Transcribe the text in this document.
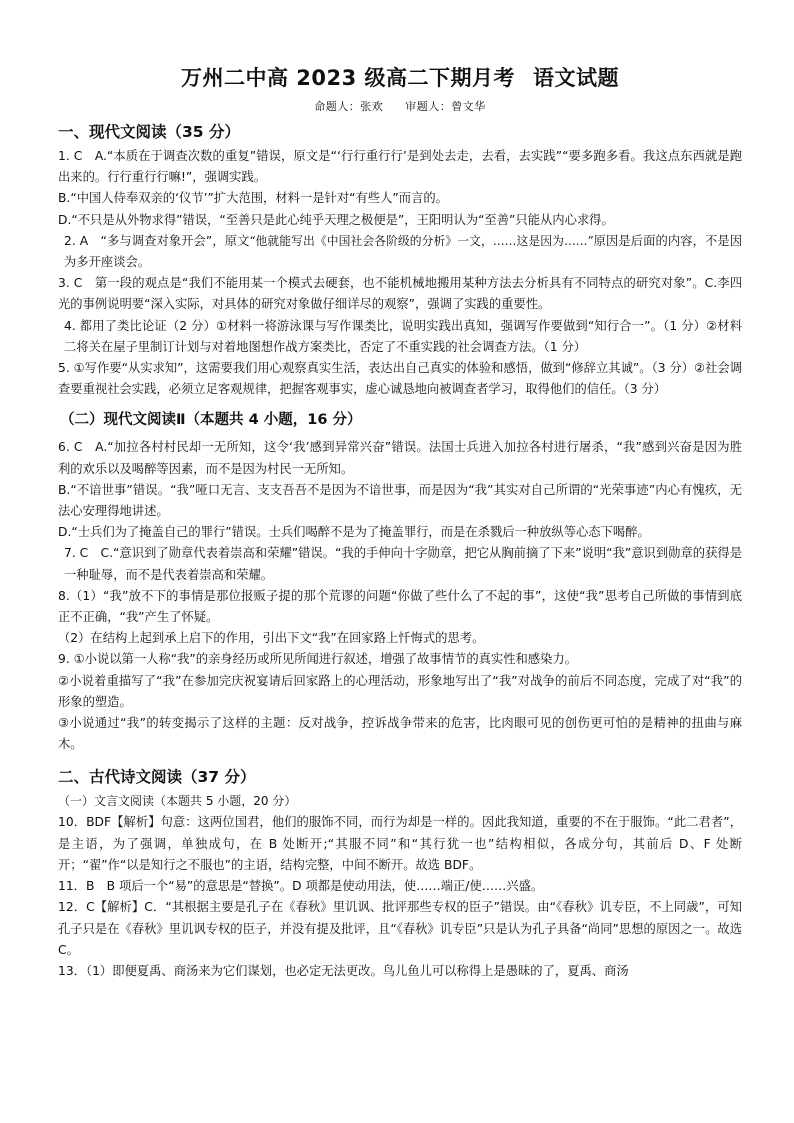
万州二中高 2023 级高二下期月考 语文试题
命题人：张欢 审题人：曾文华
一、现代文阅读（35 分）

1. C　A.“本质在于调查次数的重复”错误，原文是“‘行行重行行’是到处去走，去看，去实践”“要多跑多看。我这点东西就是跑出来的。行行重行行嘛!”，强调实践。

B.“中国人侍奉双亲的‘仪节’”扩大范围，材料一是针对“有些人”而言的。

D.“不只是从外物求得”错误，“至善只是此心纯乎天理之极便是”，王阳明认为“至善”只能从内心求得。

2. A　“多与调查对象开会”，原文“他就能写出《中国社会各阶级的分析》一文，……这是因为……”原因是后面的内容，不是因为多开座谈会。

3. C　第一段的观点是“我们不能用某一个模式去硬套，也不能机械地搬用某种方法去分析具有不同特点的研究对象”。C.李四光的事例说明要“深入实际，对具体的研究对象做仔细详尽的观察”，强调了实践的重要性。

4. 都用了类比论证（2 分）①材料一将游泳课与写作课类比，说明实践出真知，强调写作要做到“知行合一”。（1 分）②材料二将关在屋子里制订计划与对着地图想作战方案类比，否定了不重实践的社会调查方法。（1 分）

5. ①写作要“从实求知”，这需要我们用心观察真实生活，表达出自己真实的体验和感悟，做到“修辞立其诚”。（3 分）②社会调查要重视社会实践，必须立足客观规律，把握客观事实，虚心诚恳地向被调查者学习，取得他们的信任。（3 分）

（二）现代文阅读Ⅱ（本题共 4 小题，16 分）

6. C　A.“加拉各村村民却一无所知，这令‘我’感到异常兴奋”错误。法国士兵进入加拉各村进行屠杀，“我”感到兴奋是因为胜利的欢乐以及喝醉等因素，而不是因为村民一无所知。

B.“不谙世事”错误。“我”哑口无言、支支吾吾不是因为不谙世事，而是因为“我”其实对自己所谓的“光荣事迹”内心有愧疚，无法心安理得地讲述。

D.“士兵们为了掩盖自己的罪行”错误。士兵们喝醉不是为了掩盖罪行，而是在杀戮后一种放纵等心态下喝醉。

7. C　C.“意识到了勋章代表着崇高和荣耀”错误。“我的手伸向十字勋章，把它从胸前摘了下来”说明“我”意识到勋章的获得是一种耻辱，而不是代表着崇高和荣耀。

8.（1）“我”放不下的事情是那位报贩子提的那个荒谬的问题“你做了些什么了不起的事”，这使“我”思考自己所做的事情到底正不正确，“我”产生了怀疑。

（2）在结构上起到承上启下的作用，引出下文“我”在回家路上忏悔式的思考。

9. ①小说以第一人称“我”的亲身经历或所见所闻进行叙述，增强了故事情节的真实性和感染力。

②小说着重描写了“我”在参加完庆祝宴请后回家路上的心理活动，形象地写出了“我”对战争的前后不同态度，完成了对“我”的形象的塑造。

③小说通过“我”的转变揭示了这样的主题：反对战争，控诉战争带来的危害，比肉眼可见的创伤更可怕的是精神的扭曲与麻木。

二、古代诗文阅读（37 分）

（一）文言文阅读（本题共 5 小题，20 分）

10．BDF【解析】句意：这两位国君，他们的服饰不同，而行为却是一样的。因此我知道，重要的不在于服饰。“此二君者”，是主语，为了强调，单独成句，在 B 处断开;“其服不同”和“其行犹一也”结构相似，各成分句，其前后 D、F 处断开；“翟”作“以是知行之不服也”的主语，结构完整，中间不断开。故选 BDF。

11．B　B 项后一个“易”的意思是“替换”。D 项都是使动用法，使……端正/使……兴盛。

12．C【解析】C．“其根据主要是孔子在《春秋》里讥讽、批评那些专权的臣子”错误。由“《春秋》讥专臣，不上同歳”，可知孔子只是在《春秋》里讥讽专权的臣子，并没有提及批评，且“《春秋》讥专臣”只是认为孔子具备“尚同”思想的原因之一。故选 C。

13．（1）即便夏禹、商汤来为它们谋划，也必定无法更改。鸟儿鱼儿可以称得上是愚昧的了，夏禹、商汤
